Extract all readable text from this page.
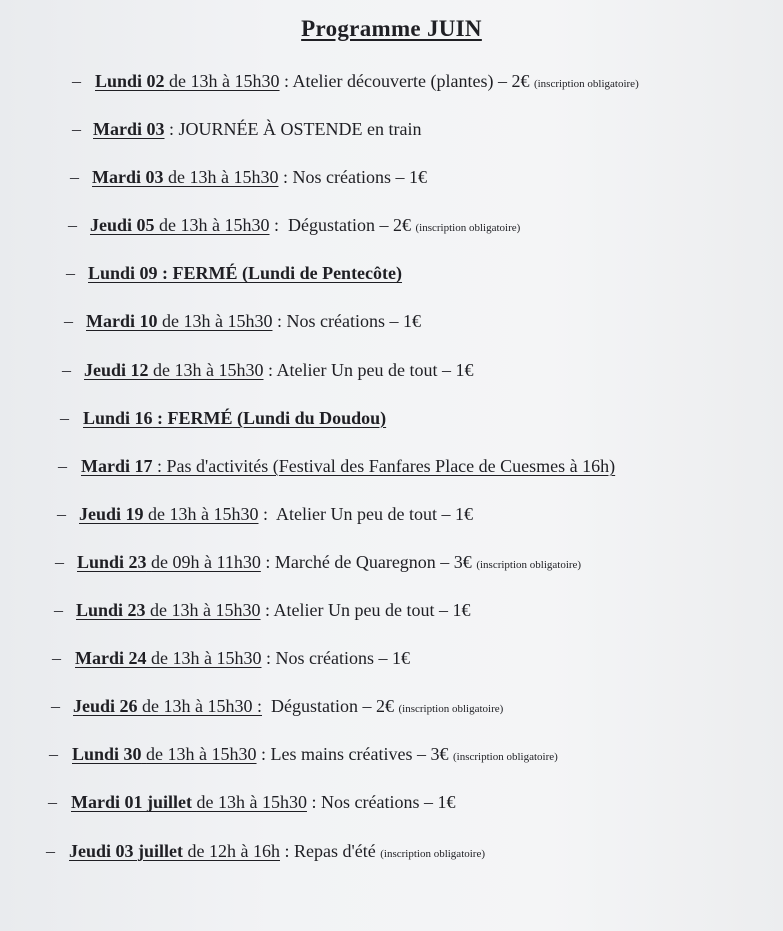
Programme JUIN
– Lundi 02 de 13h à 15h30 : Atelier découverte (plantes) – 2€ (inscription obligatoire)
– Mardi 03 : JOURNÉE À OSTENDE en train
– Mardi 03 de 13h à 15h30 : Nos créations – 1€
– Jeudi 05 de 13h à 15h30 :  Dégustation – 2€ (inscription obligatoire)
– Lundi 09 : FERMÉ (Lundi de Pentecôte)
– Mardi 10 de 13h à 15h30 : Nos créations – 1€
– Jeudi 12 de 13h à 15h30 : Atelier Un peu de tout – 1€
– Lundi 16 : FERMÉ (Lundi du Doudou)
– Mardi 17 : Pas d'activités (Festival des Fanfares Place de Cuesmes à 16h)
– Jeudi 19 de 13h à 15h30 :  Atelier Un peu de tout – 1€
– Lundi 23 de 09h à 11h30 : Marché de Quaregnon – 3€ (inscription obligatoire)
– Lundi 23 de 13h à 15h30 : Atelier Un peu de tout – 1€
– Mardi 24 de 13h à 15h30 : Nos créations – 1€
– Jeudi 26 de 13h à 15h30 : Dégustation – 2€ (inscription obligatoire)
– Lundi 30 de 13h à 15h30 : Les mains créatives – 3€ (inscription obligatoire)
– Mardi 01 juillet de 13h à 15h30 : Nos créations – 1€
– Jeudi 03 juillet de 12h à 16h : Repas d'été (inscription obligatoire)
